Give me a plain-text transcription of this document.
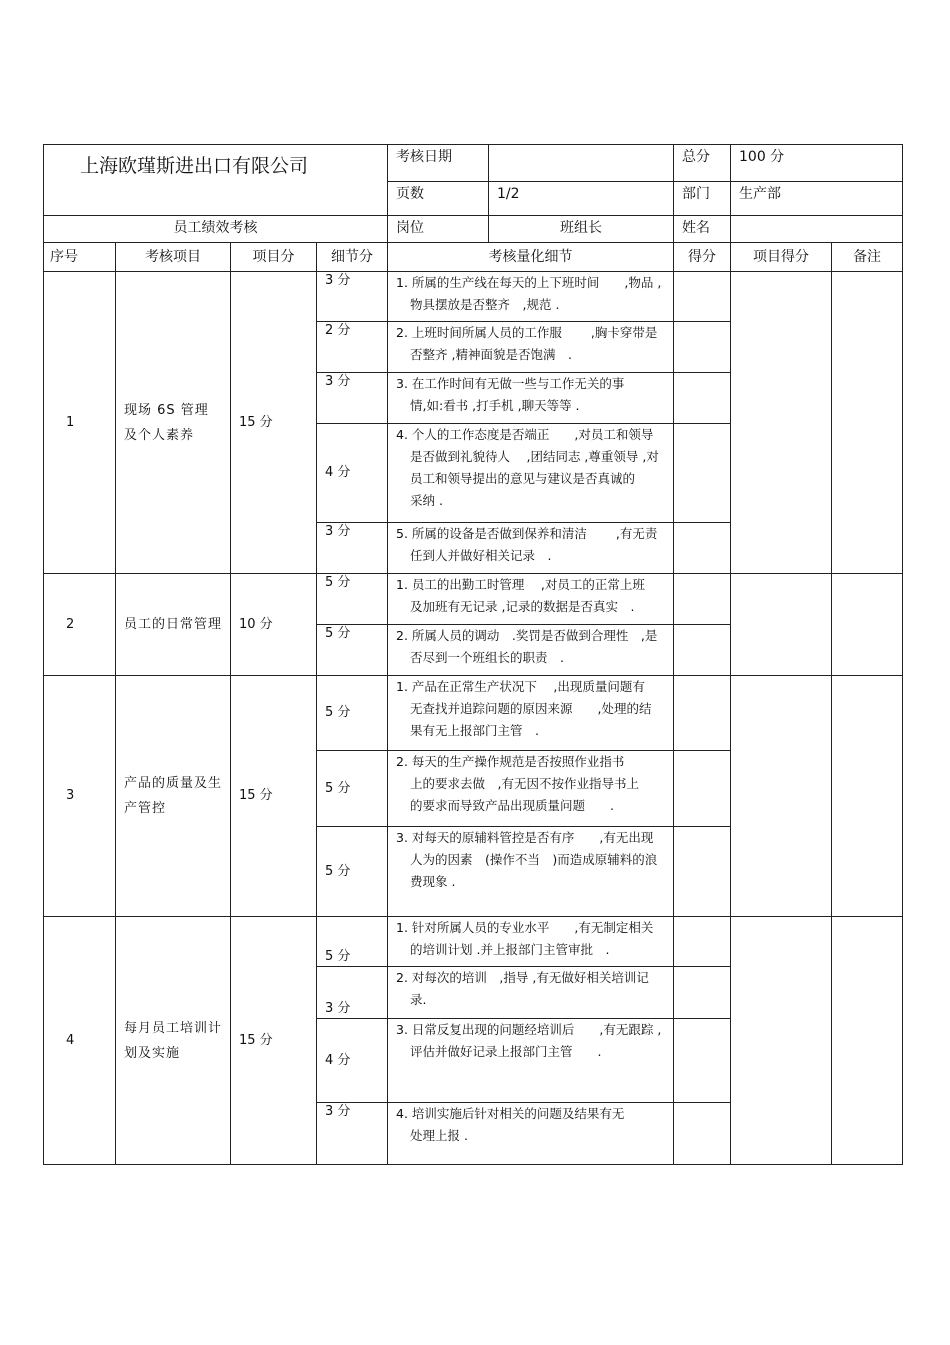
上海欧瑾斯进出口有限公司	考核日期		总分	100 分
	页数	1/2	部门	生产部
员工绩效考核	岗位	班组长	姓名	
序号	考核项目	项目分	细节分	考核量化细节	得分	项目得分	备注
1	现场 6S 管理及个人素养	15 分	3 分	1. 所属的生产线在每天的上下班时间　　,物品 ,
物具摆放是否整齐　,规范 .			

			2 分	2. 上班时间所属人员的工作服　　 ,胸卡穿带是
否整齐 ,精神面貌是否饱满　.			

			3 分	3. 在工作时间有无做一些与工作无关的事
情,如:看书 ,打手机 ,聊天等等 .			

			4 分	4. 个人的工作态度是否端正　　,对员工和领导
是否做到礼貌待人　 ,团结同志 ,尊重领导 ,对
员工和领导提出的意见与建议是否真诚的
采纳 .			

			3 分	5. 所属的设备是否做到保养和清洁　　 ,有无责
任到人并做好相关记录　.			

2	员工的日常管理	10 分	5 分	1. 员工的出勤工时管理　 ,对员工的正常上班
及加班有无记录 ,记录的数据是否真实　.			

			5 分	2. 所属人员的调动　.奖罚是否做到合理性　,是
否尽到一个班组长的职责　.			

3	产品的质量及生产管控	15 分	5 分	1. 产品在正常生产状况下　 ,出现质量问题有
无查找并追踪问题的原因来源　　,处理的结
果有无上报部门主管　.			

			5 分	2. 每天的生产操作规范是否按照作业指书
上的要求去做　,有无因不按作业指导书上
的要求而导致产品出现质量问题　　.			

			5 分	3. 对每天的原辅料管控是否有序　　,有无出现
人为的因素　(操作不当　)而造成原辅料的浪
费现象 .			

4	每月员工培训计划及实施	15 分	5 分	1. 针对所属人员的专业水平　　,有无制定相关
的培训计划 .并上报部门主管审批　.			

			3 分	2. 对每次的培训　,指导 ,有无做好相关培训记
录.			

			4 分	3. 日常反复出现的问题经培训后　　,有无跟踪 ,
评估并做好记录上报部门主管　　.			

			3 分	4. 培训实施后针对相关的问题及结果有无
处理上报 .			
